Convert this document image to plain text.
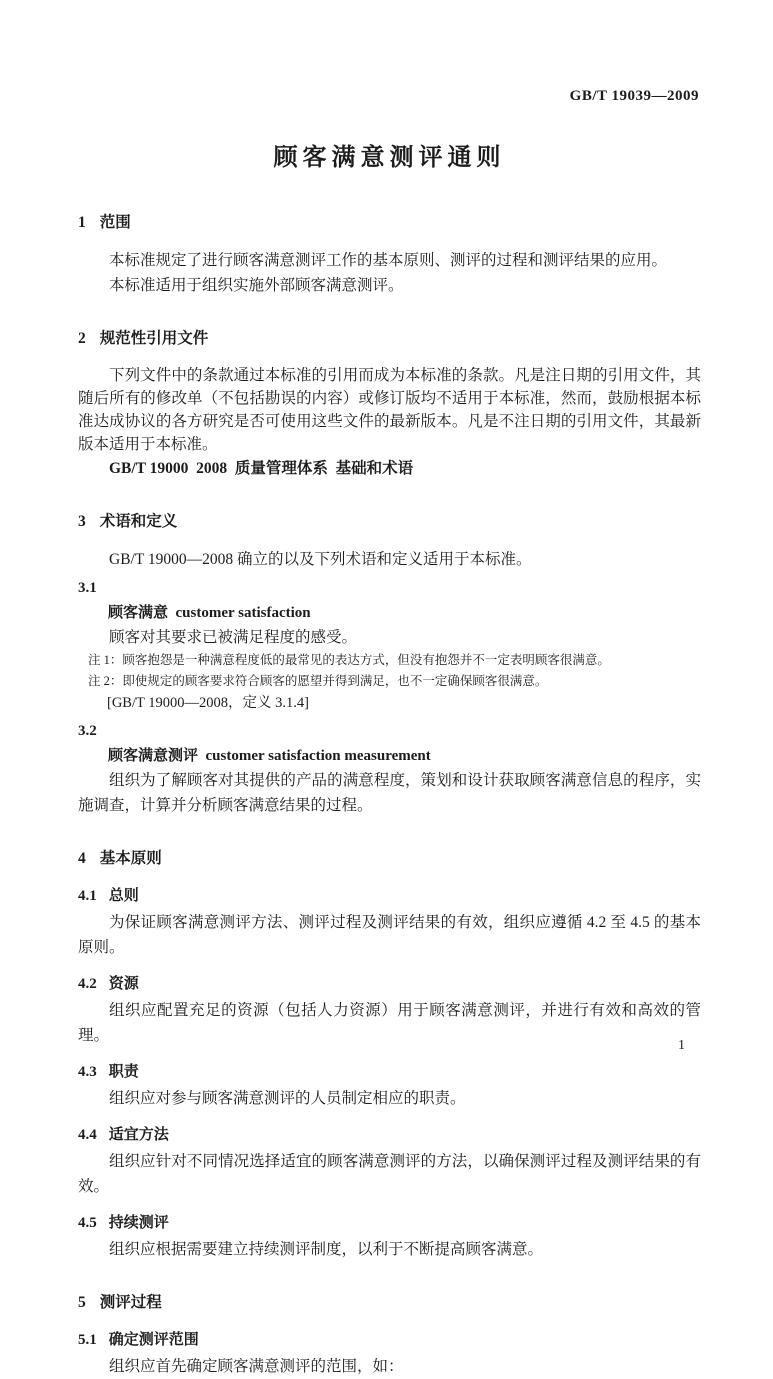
GB/T 19039—2009
顾客满意测评通则
1 范围

本标准规定了进行顾客满意测评工作的基本原则、测评的过程和测评结果的应用。

本标准适用于组织实施外部顾客满意测评。

2 规范性引用文件

下列文件中的条款通过本标准的引用而成为本标准的条款。凡是注日期的引用文件，其随后所有的修改单（不包括勘误的内容）或修订版均不适用于本标准，然而，鼓励根据本标准达成协议的各方研究是否可使用这些文件的最新版本。凡是不注日期的引用文件，其最新版本适用于本标准。

GB/T 19000  2008  质量管理体系  基础和术语

3 术语和定义

GB/T 19000—2008 确立的以及下列术语和定义适用于本标准。

3.1
顾客满意  customer satisfaction

顾客对其要求已被满足程度的感受。

注 1：顾客抱怨是一种满意程度低的最常见的表达方式，但没有抱怨并不一定表明顾客很满意。

注 2：即使规定的顾客要求符合顾客的愿望并得到满足，也不一定确保顾客很满意。

[GB/T 19000—2008，定义 3.1.4]

3.2
顾客满意测评  customer satisfaction measurement

组织为了解顾客对其提供的产品的满意程度，策划和设计获取顾客满意信息的程序，实施调查，计算并分析顾客满意结果的过程。

4 基本原则
4.1 总则

为保证顾客满意测评方法、测评过程及测评结果的有效，组织应遵循 4.2 至 4.5 的基本原则。

4.2 资源

组织应配置充足的资源（包括人力资源）用于顾客满意测评，并进行有效和高效的管理。

4.3 职责

组织应对参与顾客满意测评的人员制定相应的职责。

4.4 适宜方法

组织应针对不同情况选择适宜的顾客满意测评的方法，以确保测评过程及测评结果的有效。

4.5 持续测评

组织应根据需要建立持续测评制度，以利于不断提高顾客满意。

5 测评过程
5.1 确定测评范围

组织应首先确定顾客满意测评的范围，如：

1
